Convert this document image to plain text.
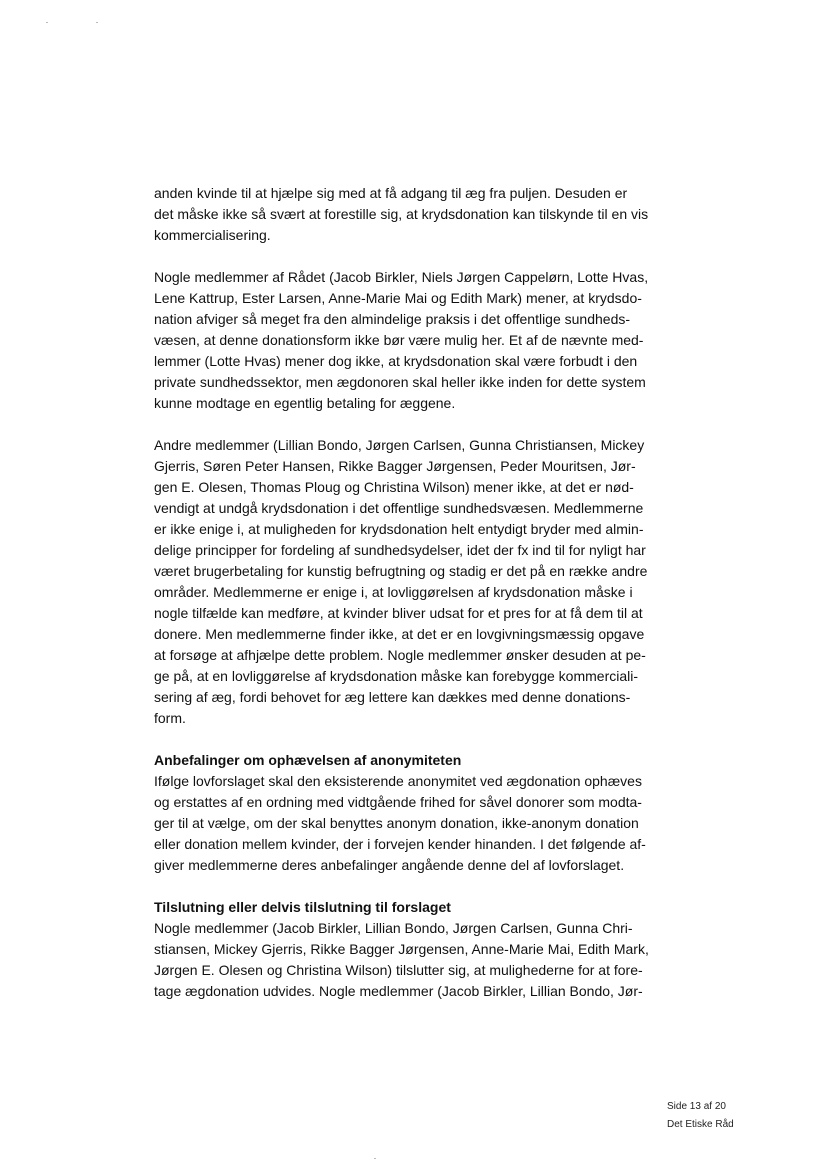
anden kvinde til at hjælpe sig med at få adgang til æg fra puljen. Desuden er
det måske ikke så svært at forestille sig, at krydsdonation kan tilskynde til en vis
kommercialisering.
Nogle medlemmer af Rådet (Jacob Birkler, Niels Jørgen Cappelørn, Lotte Hvas,
Lene Kattrup, Ester Larsen, Anne-Marie Mai og Edith Mark) mener, at krydsdo-
nation afviger så meget fra den almindelige praksis i det offentlige sundheds-
væsen, at denne donationsform ikke bør være mulig her. Et af de nævnte med-
lemmer (Lotte Hvas) mener dog ikke, at krydsdonation skal være forbudt i den
private sundhedssektor, men ægdonoren skal heller ikke inden for dette system
kunne modtage en egentlig betaling for æggene.
Andre medlemmer (Lillian Bondo, Jørgen Carlsen, Gunna Christiansen, Mickey
Gjerris, Søren Peter Hansen, Rikke Bagger Jørgensen, Peder Mouritsen, Jør-
gen E. Olesen, Thomas Ploug og Christina Wilson) mener ikke, at det er nød-
vendigt at undgå krydsdonation i det offentlige sundhedsvæsen. Medlemmerne
er ikke enige i, at muligheden for krydsdonation helt entydigt bryder med almin-
delige principper for fordeling af sundhedsydelser, idet der fx ind til for nyligt har
været brugerbetaling for kunstig befrugtning og stadig er det på en række andre
områder. Medlemmerne er enige i, at lovliggørelsen af krydsdonation måske i
nogle tilfælde kan medføre, at kvinder bliver udsat for et pres for at få dem til at
donere. Men medlemmerne finder ikke, at det er en lovgivningsmæssig opgave
at forsøge at afhjælpe dette problem. Nogle medlemmer ønsker desuden at pe-
ge på, at en lovliggørelse af krydsdonation måske kan forebygge kommerciali-
sering af æg, fordi behovet for æg lettere kan dækkes med denne donations-
form.
Anbefalinger om ophævelsen af anonymiteten
Ifølge lovforslaget skal den eksisterende anonymitet ved ægdonation ophæves
og erstattes af en ordning med vidtgående frihed for såvel donorer som modta-
ger til at vælge, om der skal benyttes anonym donation, ikke-anonym donation
eller donation mellem kvinder, der i forvejen kender hinanden. I det følgende af-
giver medlemmerne deres anbefalinger angående denne del af lovforslaget.
Tilslutning eller delvis tilslutning til forslaget
Nogle medlemmer (Jacob Birkler, Lillian Bondo, Jørgen Carlsen, Gunna Chri-
stiansen, Mickey Gjerris, Rikke Bagger Jørgensen, Anne-Marie Mai, Edith Mark,
Jørgen E. Olesen og Christina Wilson) tilslutter sig, at mulighederne for at fore-
tage ægdonation udvides. Nogle medlemmer (Jacob Birkler, Lillian Bondo, Jør-
Side 13 af 20
Det Etiske Råd
